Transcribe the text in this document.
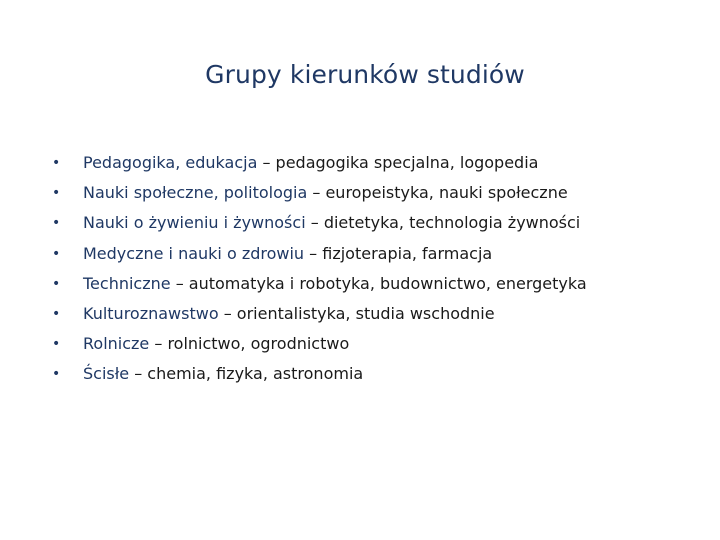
Grupy kierunków studiów
•	Pedagogika, edukacja – pedagogika specjalna, logopedia
•	Nauki społeczne, politologia – europeistyka, nauki społeczne
•	Nauki o żywieniu i żywności – dietetyka, technologia żywności
•	Medyczne i nauki o zdrowiu – fizjoterapia, farmacja
•	Techniczne – automatyka i robotyka, budownictwo, energetyka
•	Kulturoznawstwo – orientalistyka, studia wschodnie
•	Rolnicze – rolnictwo, ogrodnictwo
•	Ścisłe – chemia, fizyka, astronomia
